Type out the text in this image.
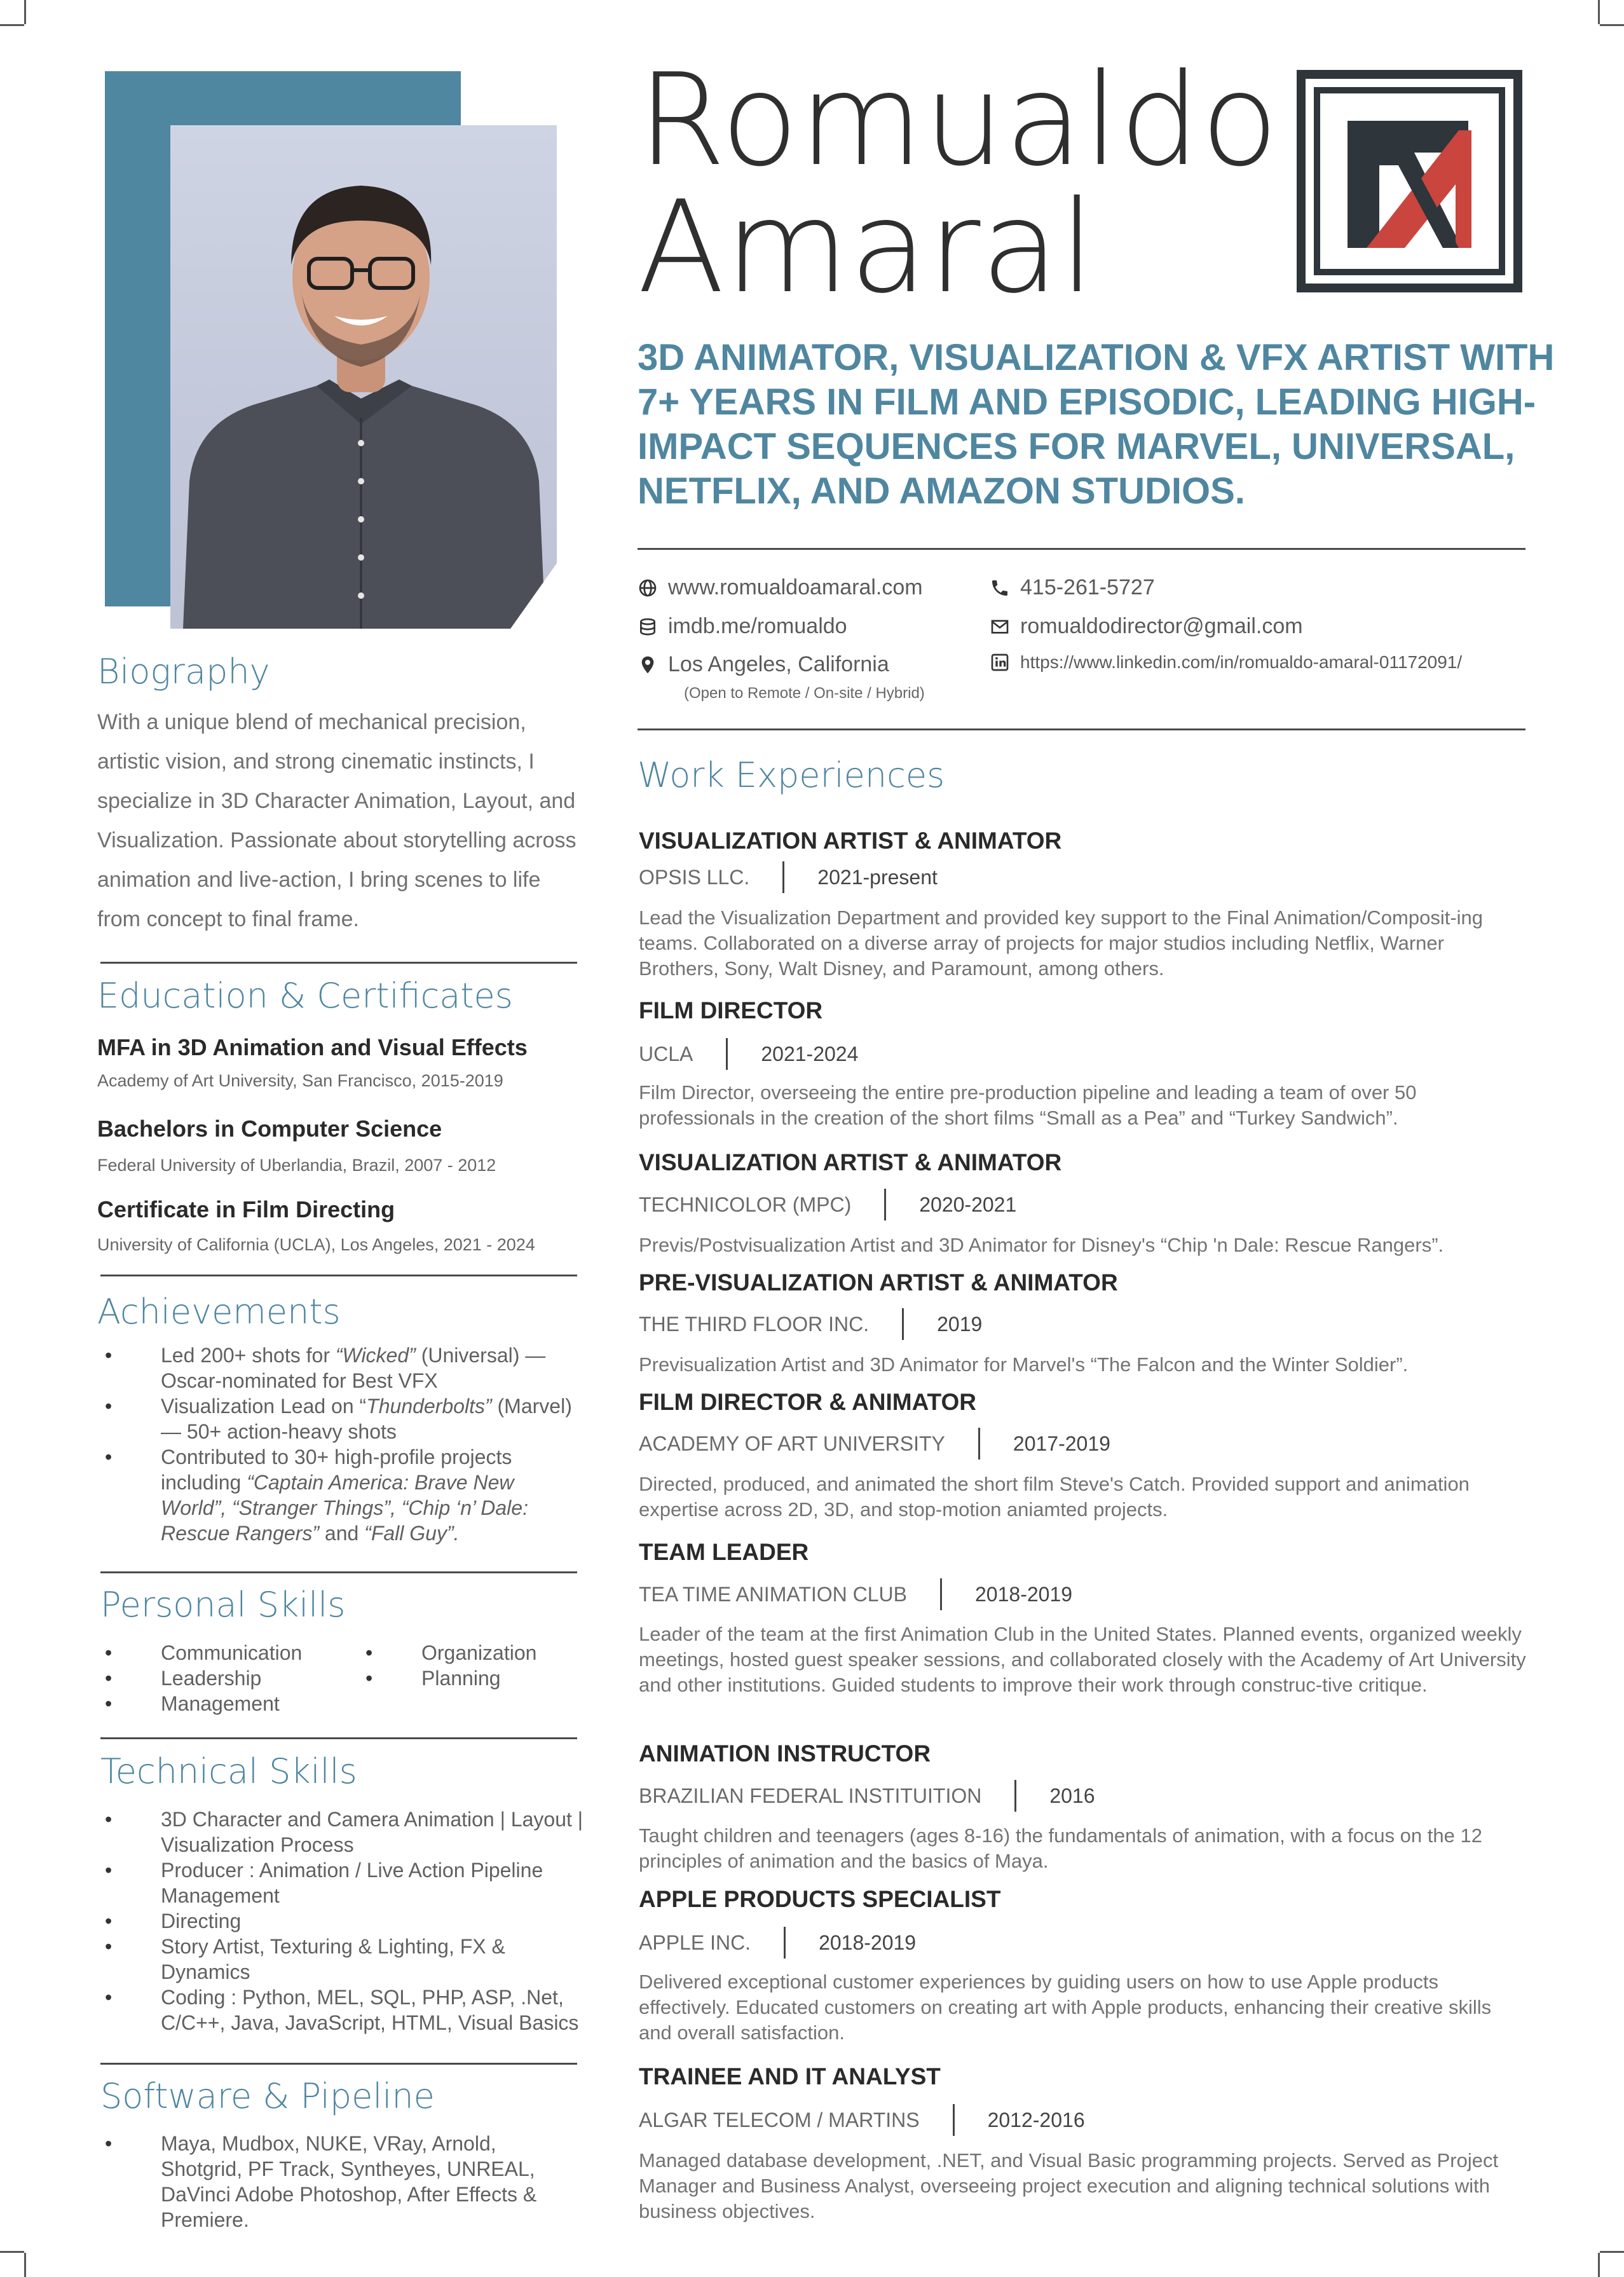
Romualdo
Amaral
3D ANIMATOR, VISUALIZATION & VFX ARTIST WITH 7+ YEARS IN FILM AND EPISODIC, LEADING HIGH-IMPACT SEQUENCES FOR MARVEL, UNIVERSAL, NETFLIX, AND AMAZON STUDIOS.
www.romualdoamaral.com
imdb.me/romualdo
Los Angeles, California
(Open to Remote / On-site / Hybrid)
415-261-5727
romualdodirector@gmail.com
https://www.linkedin.com/in/romualdo-amaral-01172091/
Biography
With a unique blend of mechanical precision, artistic vision, and strong cinematic instincts, I specialize in 3D Character Animation, Layout, and Visualization. Passionate about storytelling across animation and live-action, I bring scenes to life from concept to final frame.
Education & Certificates
MFA in 3D Animation and Visual Effects
Academy of Art University, San Francisco, 2015-2019
Bachelors in Computer Science
Federal University of Uberlandia, Brazil, 2007 - 2012
Certificate in Film Directing
University of California (UCLA), Los Angeles, 2021 - 2024
Achievements
• Led 200+ shots for “Wicked” (Universal) — Oscar-nominated for Best VFX
• Visualization Lead on “Thunderbolts” (Marvel) — 50+ action-heavy shots
• Contributed to 30+ high-profile projects including “Captain America: Brave New World”, “Stranger Things”, “Chip ‘n’ Dale: Rescue Rangers” and “Fall Guy”.
Personal Skills
• Communication
• Leadership
• Management
• Organization
• Planning
Technical Skills
• 3D Character and Camera Animation | Layout | Visualization Process
• Producer : Animation / Live Action Pipeline Management
• Directing
• Story Artist, Texturing & Lighting, FX & Dynamics
• Coding : Python, MEL, SQL, PHP, ASP, .Net, C/C++, Java, JavaScript, HTML, Visual Basics
Software & Pipeline
• Maya, Mudbox, NUKE, VRay, Arnold, Shotgrid, PF Track, Syntheyes, UNREAL, DaVinci Adobe Photoshop, After Effects & Premiere.
Work Experiences
VISUALIZATION ARTIST & ANIMATOR
OPSIS LLC.	2021-present
Lead the Visualization Department and provided key support to the Final Animation/Composit-ing teams. Collaborated on a diverse array of projects for major studios including Netflix, Warner Brothers, Sony, Walt Disney, and Paramount, among others.
FILM DIRECTOR
UCLA	2021-2024
Film Director, overseeing the entire pre-production pipeline and leading a team of over 50 professionals in the creation of the short films “Small as a Pea” and “Turkey Sandwich”.
VISUALIZATION ARTIST & ANIMATOR
TECHNICOLOR (MPC)	2020-2021
Previs/Postvisualization Artist and 3D Animator for Disney's “Chip 'n Dale: Rescue Rangers”.
PRE-VISUALIZATION ARTIST & ANIMATOR
THE THIRD FLOOR INC.	2019
Previsualization Artist and 3D Animator for Marvel's “The Falcon and the Winter Soldier”.
FILM DIRECTOR & ANIMATOR
ACADEMY OF ART UNIVERSITY	2017-2019
Directed, produced, and animated the short film Steve's Catch. Provided support and animation expertise across 2D, 3D, and stop-motion aniamted projects.
TEAM LEADER
TEA TIME ANIMATION CLUB	2018-2019
Leader of the team at the first Animation Club in the United States. Planned events, organized weekly meetings, hosted guest speaker sessions, and collaborated closely with the Academy of Art University and other institutions. Guided students to improve their work through construc-tive critique.
ANIMATION INSTRUCTOR
BRAZILIAN FEDERAL INSTITUITION	2016
Taught children and teenagers (ages 8-16) the fundamentals of animation, with a focus on the 12 principles of animation and the basics of Maya.
APPLE PRODUCTS SPECIALIST
APPLE INC.	2018-2019
Delivered exceptional customer experiences by guiding users on how to use Apple products effectively. Educated customers on creating art with Apple products, enhancing their creative skills and overall satisfaction.
TRAINEE AND IT ANALYST
ALGAR TELECOM / MARTINS	2012-2016
Managed database development, .NET, and Visual Basic programming projects. Served as Project Manager and Business Analyst, overseeing project execution and aligning technical solutions with business objectives.
